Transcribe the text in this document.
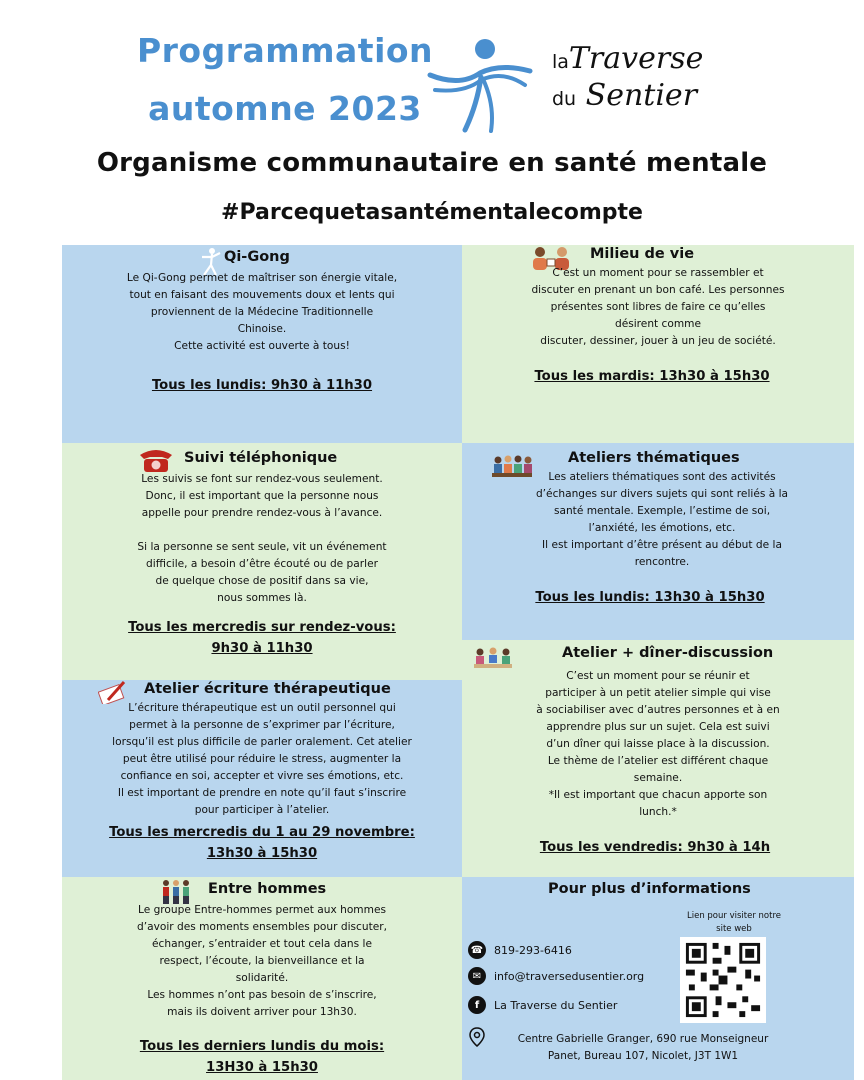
Programmation
automne 2023
laTraverse
du Sentier
Organisme communautaire en santé mentale
#Parcequetasantémentalecompte
Qi-Gong
Le Qi-Gong permet de maîtriser son énergie vitale,
tout en faisant des mouvements doux et lents qui
proviennent de la Médecine Traditionnelle
Chinoise.
Cette activité est ouverte à tous!
Tous les lundis: 9h30 à 11h30
Milieu de vie
C’est un moment pour se rassembler et
discuter en prenant un bon café. Les personnes
présentes sont libres de faire ce qu’elles
désirent comme
discuter, dessiner, jouer à un jeu de société.
Tous les mardis: 13h30 à 15h30
Suivi téléphonique
Les suivis se font sur rendez-vous seulement.
Donc, il est important que la personne nous
appelle pour prendre rendez-vous à l’avance.
Si la personne se sent seule, vit un événement
difficile, a besoin d’être écouté ou de parler
de quelque chose de positif dans sa vie,
nous sommes là.
Tous les mercredis sur rendez-vous:
9h30 à 11h30
Ateliers thématiques
Les ateliers thématiques sont des activités
d’échanges sur divers sujets qui sont reliés à la
santé mentale. Exemple, l’estime de soi,
l’anxiété, les émotions, etc.
Il est important d’être présent au début de la
rencontre.
Tous les lundis: 13h30 à 15h30
Atelier écriture thérapeutique
L’écriture thérapeutique est un outil personnel qui
permet à la personne de s’exprimer par l’écriture,
lorsqu’il est plus difficile de parler oralement. Cet atelier
peut être utilisé pour réduire le stress, augmenter la
confiance en soi, accepter et vivre ses émotions, etc.
Il est important de prendre en note qu’il faut s’inscrire
pour participer à l’atelier.
Tous les mercredis du 1 au 29 novembre:
13h30 à 15h30
Atelier + dîner-discussion
C’est un moment pour se réunir et
participer à un petit atelier simple qui vise
à sociabiliser avec d’autres personnes et à en
apprendre plus sur un sujet. Cela est suivi
d’un dîner qui laisse place à la discussion.
Le thème de l’atelier est différent chaque
semaine.
*Il est important que chacun apporte son
lunch.*
Tous les vendredis: 9h30 à 14h
Entre hommes
Le groupe Entre-hommes permet aux hommes
d’avoir des moments ensembles pour discuter,
échanger, s’entraider et tout cela dans le
respect, l’écoute, la bienveillance et la
solidarité.
Les hommes n’ont pas besoin de s’inscrire,
mais ils doivent arriver pour 13h30.
Tous les derniers lundis du mois:
13H30 à 15h30
Pour plus d’informations
Lien pour visiter notre
site web
☎ 819-293-6416
✉	info@traversedusentier.org
f	La Traverse du Sentier
Centre Gabrielle Granger, 690 rue Monseigneur
Panet, Bureau 107, Nicolet, J3T 1W1
